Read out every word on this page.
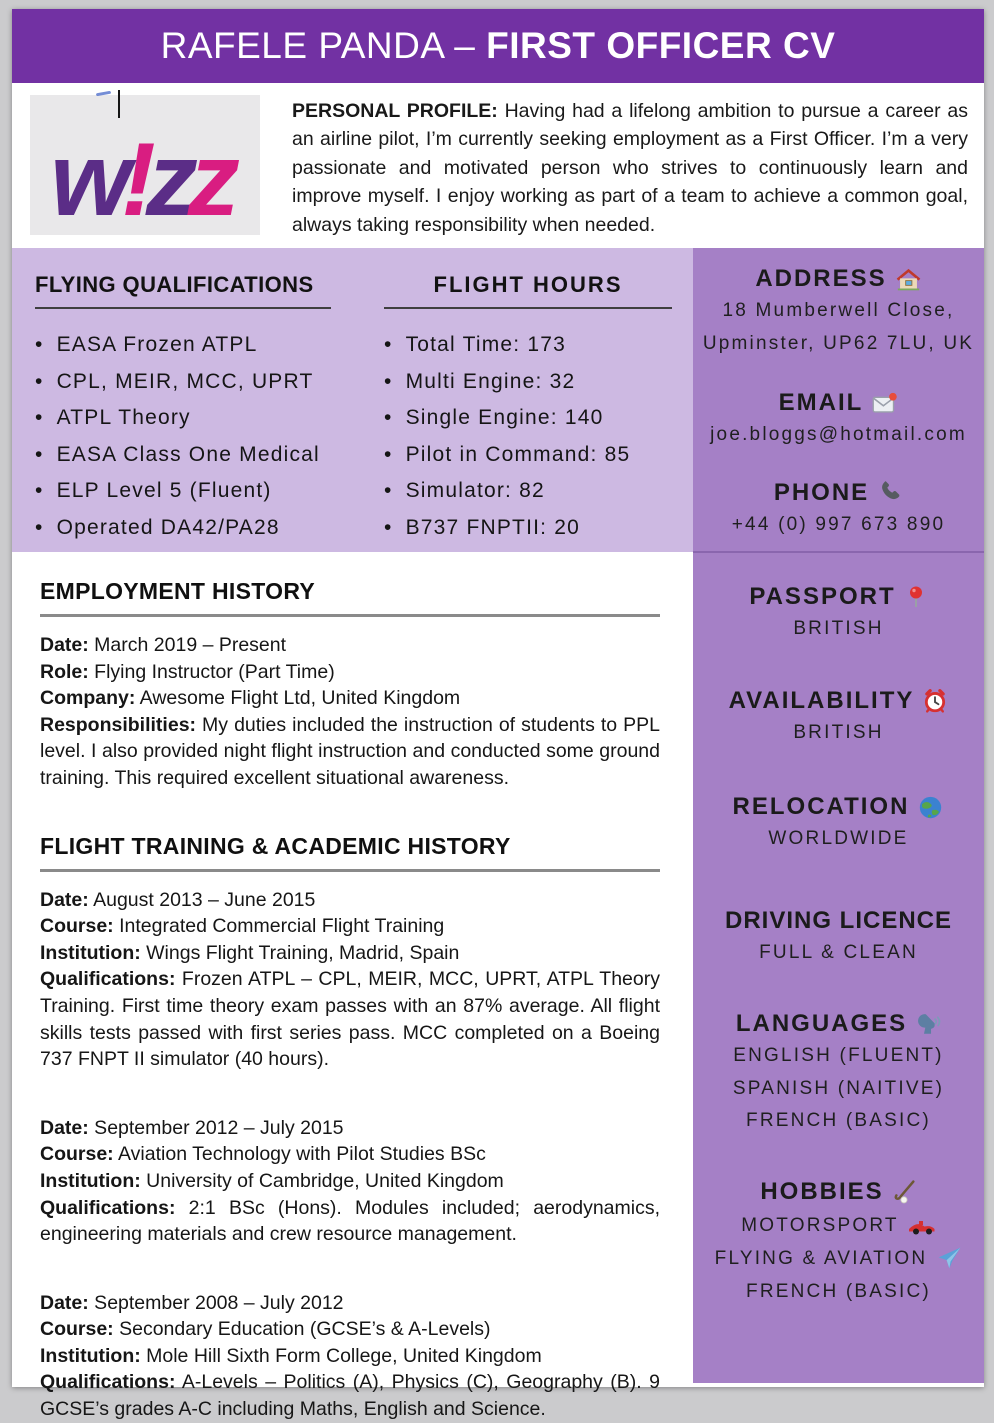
RAFELE PANDA – FIRST OFFICER CV
w!zz
PERSONAL PROFILE: Having had a lifelong ambition to pursue a career as an airline pilot, I’m currently seeking employment as a First Officer. I’m a very passionate and motivated person who strives to continuously learn and improve myself. I enjoy working as part of a team to achieve a common goal, always taking responsibility when needed.
FLYING QUALIFICATIONS
• EASA Frozen ATPL
• CPL, MEIR, MCC, UPRT
• ATPL Theory
• EASA Class One Medical
• ELP Level 5 (Fluent)
• Operated DA42/PA28
FLIGHT HOURS
• Total Time: 173
• Multi Engine: 32
• Single Engine: 140
• Pilot in Command: 85
• Simulator: 82
• B737 FNPTII: 20
ADDRESS
18 Mumberwell Close,
Upminster, UP62 7LU, UK
EMAIL
joe.bloggs@hotmail.com
PHONE
+44 (0) 997 673 890
PASSPORT
BRITISH
AVAILABILITY
BRITISH
RELOCATION
WORLDWIDE
DRIVING LICENCE
FULL & CLEAN
LANGUAGES
ENGLISH (FLUENT)
SPANISH (NAITIVE)
FRENCH (BASIC)
HOBBIES
MOTORSPORT
FLYING & AVIATION
FRENCH (BASIC)
EMPLOYMENT HISTORY
Date: March 2019 – Present
Role: Flying Instructor (Part Time)
Company: Awesome Flight Ltd, United Kingdom

Responsibilities: My duties included the instruction of students to PPL level. I also provided night flight instruction and conducted some ground training. This required excellent situational awareness.

FLIGHT TRAINING & ACADEMIC HISTORY
Date: August 2013 – June 2015
Course: Integrated Commercial Flight Training
Institution: Wings Flight Training, Madrid, Spain

Qualifications: Frozen ATPL – CPL, MEIR, MCC, UPRT, ATPL Theory Training. First time theory exam passes with an 87% average. All flight skills tests passed with first series pass. MCC completed on a Boeing 737 FNPT II simulator (40 hours).

Date: September 2012 – July 2015
Course: Aviation Technology with Pilot Studies BSc
Institution: University of Cambridge, United Kingdom

Qualifications: 2:1 BSc (Hons). Modules included; aerodynamics, engineering materials and crew resource management.

Date: September 2008 – July 2012
Course: Secondary Education (GCSE’s & A-Levels)
Institution: Mole Hill Sixth Form College, United Kingdom

Qualifications: A-Levels – Politics (A), Physics (C), Geography (B). 9 GCSE’s grades A-C including Maths, English and Science.
